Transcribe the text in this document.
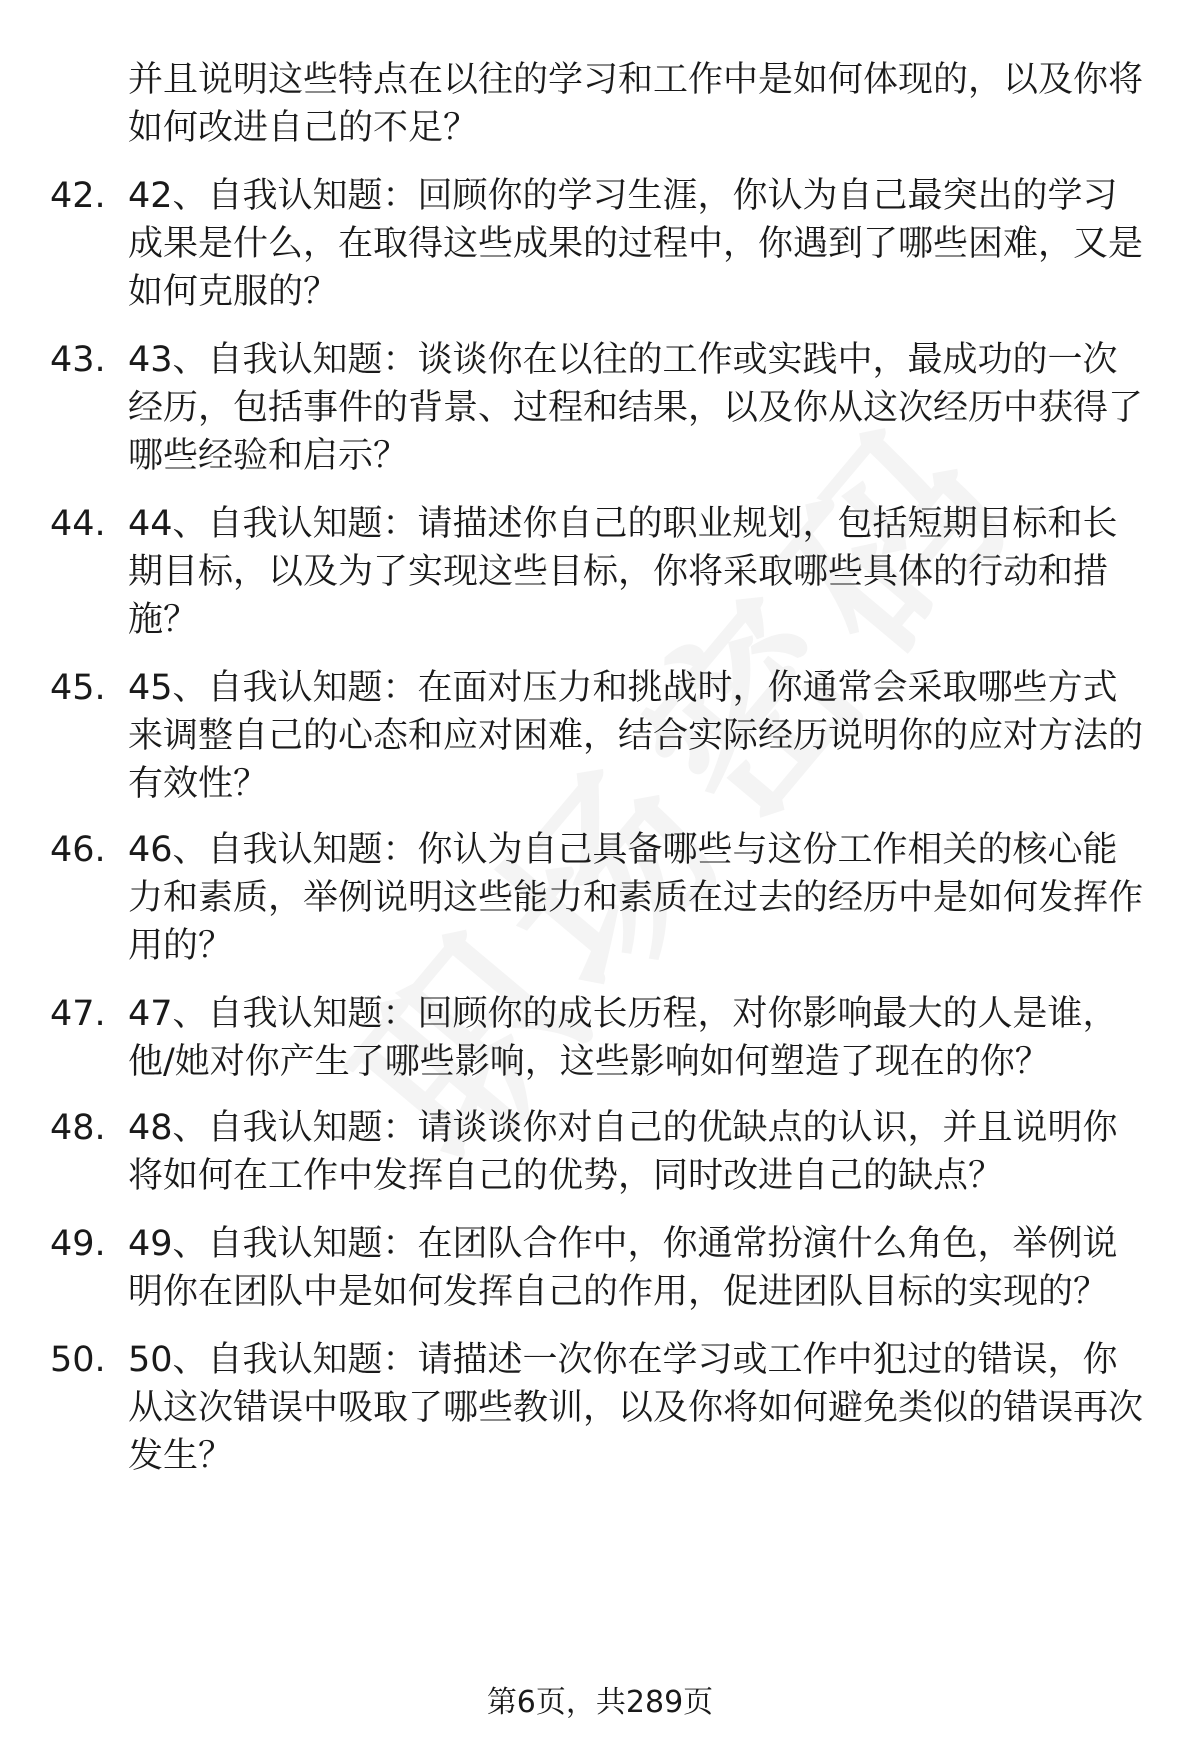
并且说明这些特点在以往的学习和工作中是如何体现的，以及你将如何改进自己的不足？
42. 42、自我认知题：回顾你的学习生涯，你认为自己最突出的学习成果是什么，在取得这些成果的过程中，你遇到了哪些困难，又是如何克服的？
43. 43、自我认知题：谈谈你在以往的工作或实践中，最成功的一次经历，包括事件的背景、过程和结果，以及你从这次经历中获得了哪些经验和启示？
44. 44、自我认知题：请描述你自己的职业规划，包括短期目标和长期目标，以及为了实现这些目标，你将采取哪些具体的行动和措施？
45. 45、自我认知题：在面对压力和挑战时，你通常会采取哪些方式来调整自己的心态和应对困难，结合实际经历说明你的应对方法的有效性？
46. 46、自我认知题：你认为自己具备哪些与这份工作相关的核心能力和素质，举例说明这些能力和素质在过去的经历中是如何发挥作用的？
47. 47、自我认知题：回顾你的成长历程，对你影响最大的人是谁，他/她对你产生了哪些影响，这些影响如何塑造了现在的你？
48. 48、自我认知题：请谈谈你对自己的优缺点的认识，并且说明你将如何在工作中发挥自己的优势，同时改进自己的缺点？
49. 49、自我认知题：在团队合作中，你通常扮演什么角色，举例说明你在团队中是如何发挥自己的作用，促进团队目标的实现的？
50. 50、自我认知题：请描述一次你在学习或工作中犯过的错误，你从这次错误中吸取了哪些教训，以及你将如何避免类似的错误再次发生？
第6页，共289页
